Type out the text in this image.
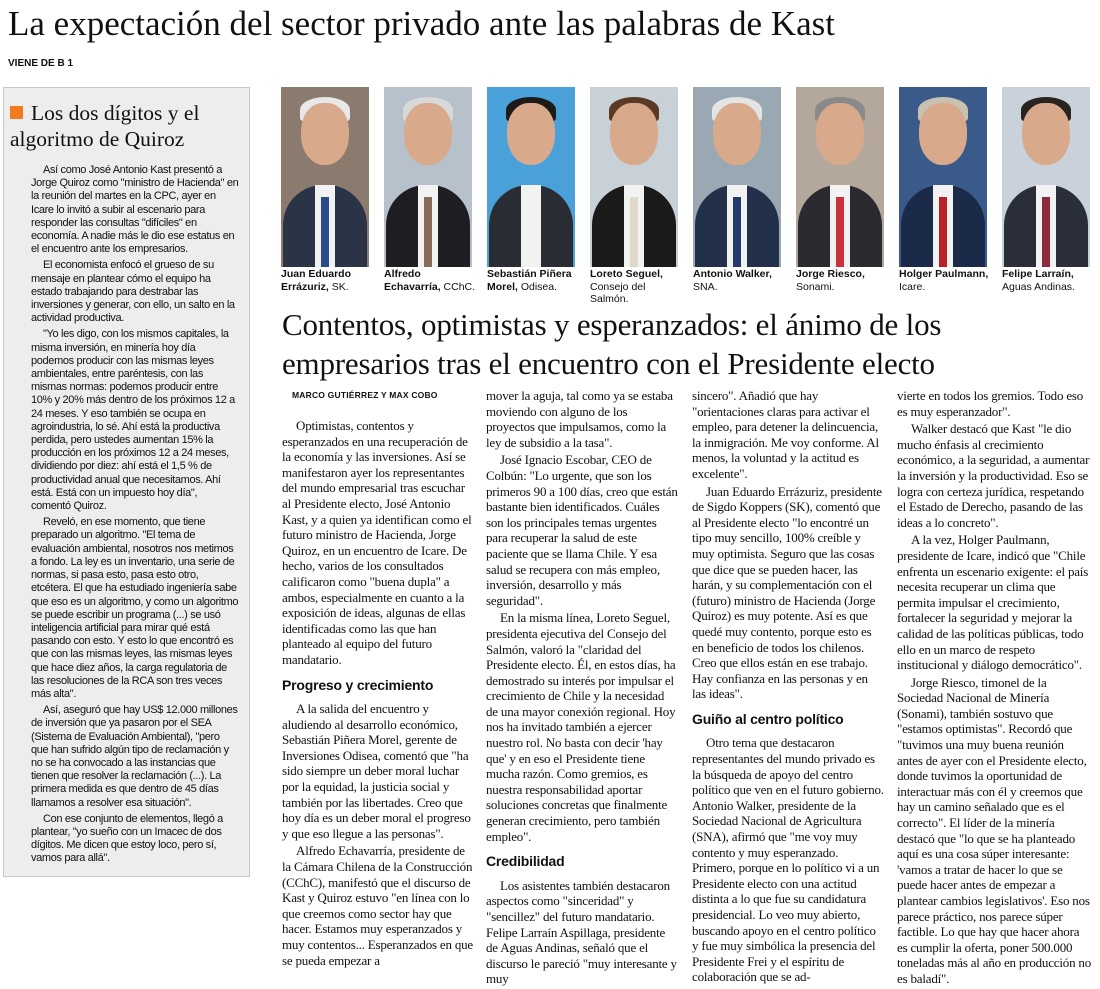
La expectación del sector privado ante las palabras de Kast
VIENE DE B 1
Los dos dígitos y el algoritmo de Quiroz

Así como José Antonio Kast presentó a Jorge Quiroz como "ministro de Hacienda" en la reunión del martes en la CPC, ayer en Icare lo invitó a subir al escenario para responder las consultas "difíciles" en economía. A nadie más le dio ese estatus en el encuentro ante los empresarios.

El economista enfocó el grueso de su mensaje en plantear cómo el equipo ha estado trabajando para destrabar las inversiones y generar, con ello, un salto en la actividad productiva.

"Yo les digo, con los mismos capitales, la misma inversión, en minería hoy día podemos producir con las mismas leyes ambientales, entre paréntesis, con las mismas normas: podemos producir entre 10% y 20% más dentro de los próximos 12 a 24 meses. Y eso también se ocupa en agroindustria, lo sé. Ahí está la productiva perdida, pero ustedes aumentan 15% la producción en los próximos 12 a 24 meses, dividiendo por diez: ahí está el 1,5 % de productividad anual que necesitamos. Ahí está. Está con un impuesto hoy día", comentó Quiroz.

Reveló, en ese momento, que tiene preparado un algoritmo. "El tema de evaluación ambiental, nosotros nos metimos a fondo. La ley es un inventario, una serie de normas, si pasa esto, pasa esto otro, etcétera. El que ha estudiado ingeniería sabe que eso es un algoritmo, y como un algoritmo se puede escribir un programa (...) se usó inteligencia artificial para mirar qué está pasando con esto. Y esto lo que encontró es que con las mismas leyes, las mismas leyes que hace diez años, la carga regulatoria de las resoluciones de la RCA son tres veces más alta".

Así, aseguró que hay US$ 12.000 millones de inversión que ya pasaron por el SEA (Sistema de Evaluación Ambiental), "pero que han sufrido algún tipo de reclamación y no se ha convocado a las instancias que tienen que resolver la reclamación (...). La primera medida es que dentro de 45 días llamamos a resolver esa situación".

Con ese conjunto de elementos, llegó a plantear, "yo sueño con un Imacec de dos dígitos. Me dicen que estoy loco, pero sí, vamos para allá".

Juan Eduardo Errázuriz, SK.
Alfredo Echavarría, CChC.
Sebastián Piñera Morel, Odisea.
Loreto Seguel, Consejo del Salmón.
Antonio Walker, SNA.
Jorge Riesco, Sonami.
Holger Paulmann, Icare.
Felipe Larraín, Aguas Andinas.
Contentos, optimistas y esperanzados: el ánimo de los empresarios tras el encuentro con el Presidente electo
MARCO GUTIÉRREZ Y MAX COBO

Optimistas, contentos y esperanzados en una recuperación de la economía y las inversiones. Así se manifestaron ayer los representantes del mundo empresarial tras escuchar al Presidente electo, José Antonio Kast, y a quien ya identifican como el futuro ministro de Hacienda, Jorge Quiroz, en un encuentro de Icare. De hecho, varios de los consultados calificaron como "buena dupla" a ambos, especialmente en cuanto a la exposición de ideas, algunas de ellas identificadas como las que han planteado al equipo del futuro mandatario.

Progreso y crecimiento

A la salida del encuentro y aludiendo al desarrollo económico, Sebastián Piñera Morel, gerente de Inversiones Odisea, comentó que "ha sido siempre un deber moral luchar por la equidad, la justicia social y también por las libertades. Creo que hoy día es un deber moral el progreso y que eso llegue a las personas".

Alfredo Echavarría, presidente de la Cámara Chilena de la Construcción (CChC), manifestó que el discurso de Kast y Quiroz estuvo "en línea con lo que creemos como sector hay que hacer. Estamos muy esperanzados y muy contentos... Esperanzados en que se pueda empezar a

mover la aguja, tal como ya se estaba moviendo con alguno de los proyectos que impulsamos, como la ley de subsidio a la tasa".

José Ignacio Escobar, CEO de Colbún: "Lo urgente, que son los primeros 90 a 100 días, creo que están bastante bien identificados. Cuáles son los principales temas urgentes para recuperar la salud de este paciente que se llama Chile. Y esa salud se recupera con más empleo, inversión, desarrollo y más seguridad".

En la misma línea, Loreto Seguel, presidenta ejecutiva del Consejo del Salmón, valoró la "claridad del Presidente electo. Él, en estos días, ha demostrado su interés por impulsar el crecimiento de Chile y la necesidad de una mayor conexión regional. Hoy nos ha invitado también a ejercer nuestro rol. No basta con decir 'hay que' y en eso el Presidente tiene mucha razón. Como gremios, es nuestra responsabilidad aportar soluciones concretas que finalmente generan crecimiento, pero también empleo".

Credibilidad

Los asistentes también destacaron aspectos como "sinceridad" y "sencillez" del futuro mandatario. Felipe Larraín Aspillaga, presidente de Aguas Andinas, señaló que el discurso le pareció "muy interesante y muy

sincero". Añadió que hay "orientaciones claras para activar el empleo, para detener la delincuencia, la inmigración. Me voy conforme. Al menos, la voluntad y la actitud es excelente".

Juan Eduardo Errázuriz, presidente de Sigdo Koppers (SK), comentó que al Presidente electo "lo encontré un tipo muy sencillo, 100% creíble y muy optimista. Seguro que las cosas que dice que se pueden hacer, las harán, y su complementación con el (futuro) ministro de Hacienda (Jorge Quiroz) es muy potente. Así es que quedé muy contento, porque esto es en beneficio de todos los chilenos. Creo que ellos están en ese trabajo. Hay confianza en las personas y en las ideas".

Guiño al centro político

Otro tema que destacaron representantes del mundo privado es la búsqueda de apoyo del centro político que ven en el futuro gobierno. Antonio Walker, presidente de la Sociedad Nacional de Agricultura (SNA), afirmó que "me voy muy contento y muy esperanzado. Primero, porque en lo político vi a un Presidente electo con una actitud distinta a lo que fue su candidatura presidencial. Lo veo muy abierto, buscando apoyo en el centro político y fue muy simbólica la presencia del Presidente Frei y el espíritu de colaboración que se ad-

vierte en todos los gremios. Todo eso es muy esperanzador".

Walker destacó que Kast "le dio mucho énfasis al crecimiento económico, a la seguridad, a aumentar la inversión y la productividad. Eso se logra con certeza jurídica, respetando el Estado de Derecho, pasando de las ideas a lo concreto".

A la vez, Holger Paulmann, presidente de Icare, indicó que "Chile enfrenta un escenario exigente: el país necesita recuperar un clima que permita impulsar el crecimiento, fortalecer la seguridad y mejorar la calidad de las políticas públicas, todo ello en un marco de respeto institucional y diálogo democrático".

Jorge Riesco, timonel de la Sociedad Nacional de Minería (Sonami), también sostuvo que "estamos optimistas". Recordó que "tuvimos una muy buena reunión antes de ayer con el Presidente electo, donde tuvimos la oportunidad de interactuar más con él y creemos que hay un camino señalado que es el correcto". El líder de la minería destacó que "lo que se ha planteado aquí es una cosa súper interesante: 'vamos a tratar de hacer lo que se puede hacer antes de empezar a plantear cambios legislativos'. Eso nos parece práctico, nos parece súper factible. Lo que hay que hacer ahora es cumplir la oferta, poner 500.000 toneladas más al año en producción no es baladí".
